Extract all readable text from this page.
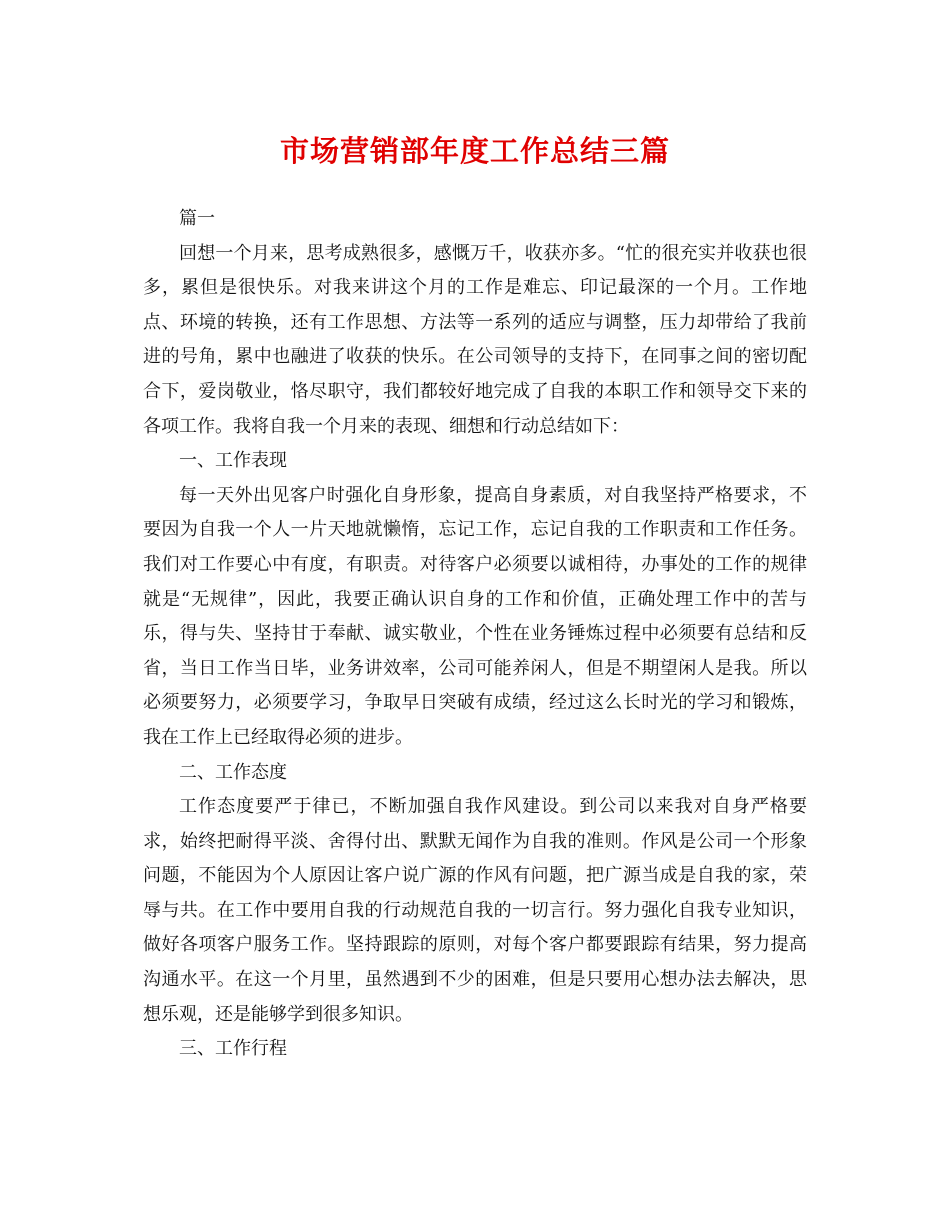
市场营销部年度工作总结三篇

篇一

回想一个月来，思考成熟很多，感慨万千，收获亦多。“忙的很充实并收获也很多，累但是很快乐。对我来讲这个月的工作是难忘、印记最深的一个月。工作地点、环境的转换，还有工作思想、方法等一系列的适应与调整，压力却带给了我前进的号角，累中也融进了收获的快乐。在公司领导的支持下，在同事之间的密切配合下，爱岗敬业，恪尽职守，我们都较好地完成了自我的本职工作和领导交下来的各项工作。我将自我一个月来的表现、细想和行动总结如下：

一、工作表现

每一天外出见客户时强化自身形象，提高自身素质，对自我坚持严格要求，不要因为自我一个人一片天地就懒惰，忘记工作，忘记自我的工作职责和工作任务。我们对工作要心中有度，有职责。对待客户必须要以诚相待，办事处的工作的规律就是“无规律”，因此，我要正确认识自身的工作和价值，正确处理工作中的苦与乐，得与失、坚持甘于奉献、诚实敬业，个性在业务锤炼过程中必须要有总结和反省，当日工作当日毕，业务讲效率，公司可能养闲人，但是不期望闲人是我。所以必须要努力，必须要学习，争取早日突破有成绩，经过这么长时光的学习和锻炼，我在工作上已经取得必须的进步。

二、工作态度

工作态度要严于律已，不断加强自我作风建设。到公司以来我对自身严格要求，始终把耐得平淡、舍得付出、默默无闻作为自我的准则。作风是公司一个形象问题，不能因为个人原因让客户说广源的作风有问题，把广源当成是自我的家，荣辱与共。在工作中要用自我的行动规范自我的一切言行。努力强化自我专业知识，做好各项客户服务工作。坚持跟踪的原则，对每个客户都要跟踪有结果，努力提高沟通水平。在这一个月里，虽然遇到不少的困难，但是只要用心想办法去解决，思想乐观，还是能够学到很多知识。

三、工作行程
